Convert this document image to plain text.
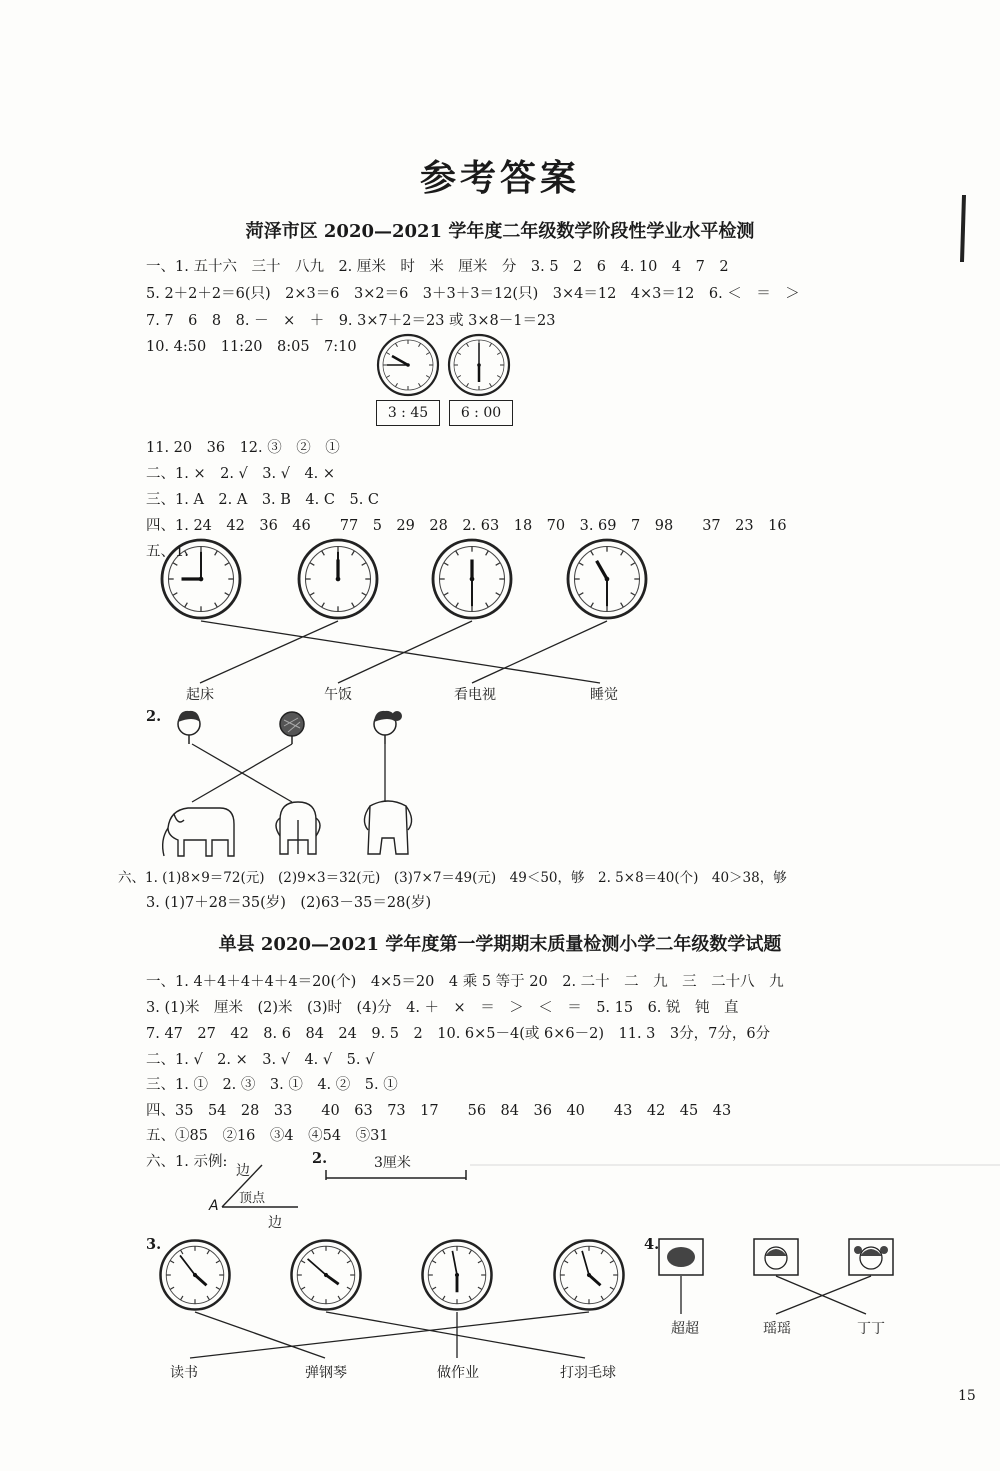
参考答案
菏泽市区 2020—2021 学年度二年级数学阶段性学业水平检测
一、1. 五十六　三十　八九　2. 厘米　时　米　厘米　分　3. 5　2　6　4. 10　4　7　2
5. 2＋2＋2＝6(只)　2×3＝6　3×2＝6　3＋3＋3＝12(只)　3×4＝12　4×3＝12　6. ＜　＝　＞
7. 7　6　8　8. －　×　＋　9. 3×7＋2＝23 或 3×8－1＝23
10. 4:50　11:20　8:05　7:10
3 : 45	6 : 00
11. 20　36　12. ③　②　①
二、1. ×　2. √　3. √　4. ×
三、1. A　2. A　3. B　4. C　5. C
四、1. 24　42　36　46　　77　5　29　28　2. 63　18　70　3. 69　7　98　　37　23　16
五、1.
起床	午饭	看电视	睡觉
2.
六、1. (1)8×9＝72(元)　(2)9×3＝32(元)　(3)7×7＝49(元)　49＜50，够　2. 5×8＝40(个)　40＞38，够
3. (1)7＋28＝35(岁)　(2)63－35＝28(岁)
单县 2020—2021 学年度第一学期期末质量检测小学二年级数学试题
一、1. 4＋4＋4＋4＋4＝20(个)　4×5＝20　4 乘 5 等于 20　2. 二十　二　九　三　二十八　九
3. (1)米　厘米　(2)米　(3)时　(4)分　4. ＋　×　＝　＞　＜　＝　5. 15　6. 锐　钝　直
7. 47　27　42　8. 6　84　24　9. 5　2　10. 6×5－4(或 6×6－2)　11. 3　3分，7分，6分
二、1. √　2. ×　3. √　4. √　5. √
三、1. ①　2. ③　3. ①　4. ②　5. ①
四、35　54　28　33　　40　63　73　17　　56　84　36　40　　43　42　45　43
五、①85　②16　③4　④54　⑤31
六、1. 示例:
边
顶点
A
边
2.	3厘米
3.	4.
超超	瑶瑶	丁丁
读书	弹钢琴	做作业	打羽毛球
15
